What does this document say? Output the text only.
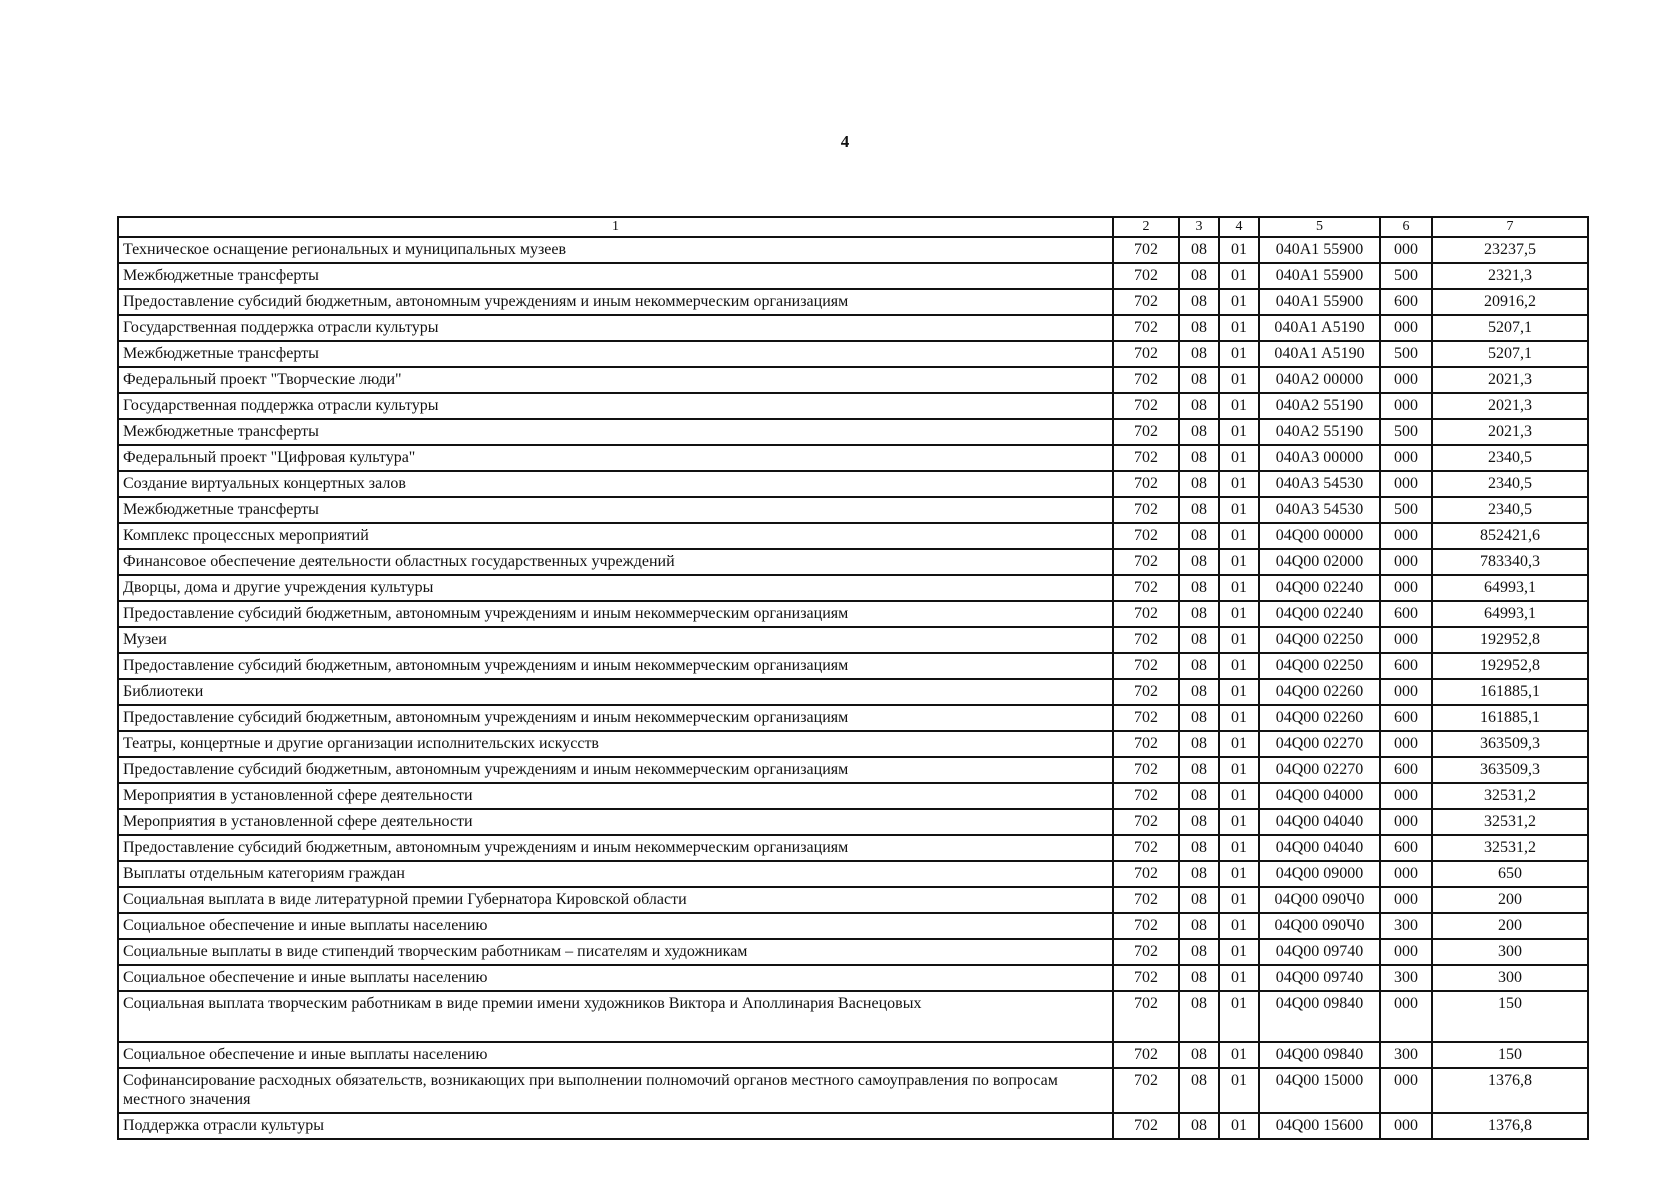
4
1	2	3	4	5	6	7
Техническое оснащение региональных и муниципальных музеев	702	08	01	040A1 55900	000	23237,5
Межбюджетные трансферты	702	08	01	040A1 55900	500	2321,3
Предоставление субсидий бюджетным, автономным учреждениям и иным некоммерческим организациям	702	08	01	040A1 55900	600	20916,2
Государственная поддержка отрасли культуры	702	08	01	040A1 A5190	000	5207,1
Межбюджетные трансферты	702	08	01	040A1 A5190	500	5207,1
Федеральный проект "Творческие люди"	702	08	01	040A2 00000	000	2021,3
Государственная поддержка отрасли культуры	702	08	01	040A2 55190	000	2021,3
Межбюджетные трансферты	702	08	01	040A2 55190	500	2021,3
Федеральный проект "Цифровая культура"	702	08	01	040A3 00000	000	2340,5
Создание виртуальных концертных залов	702	08	01	040A3 54530	000	2340,5
Межбюджетные трансферты	702	08	01	040A3 54530	500	2340,5
Комплекс процессных мероприятий	702	08	01	04Q00 00000	000	852421,6
Финансовое обеспечение деятельности областных государственных учреждений	702	08	01	04Q00 02000	000	783340,3
Дворцы, дома и другие учреждения культуры	702	08	01	04Q00 02240	000	64993,1
Предоставление субсидий бюджетным, автономным учреждениям и иным некоммерческим организациям	702	08	01	04Q00 02240	600	64993,1
Музеи	702	08	01	04Q00 02250	000	192952,8
Предоставление субсидий бюджетным, автономным учреждениям и иным некоммерческим организациям	702	08	01	04Q00 02250	600	192952,8
Библиотеки	702	08	01	04Q00 02260	000	161885,1
Предоставление субсидий бюджетным, автономным учреждениям и иным некоммерческим организациям	702	08	01	04Q00 02260	600	161885,1
Театры, концертные и другие организации исполнительских искусств	702	08	01	04Q00 02270	000	363509,3
Предоставление субсидий бюджетным, автономным учреждениям и иным некоммерческим организациям	702	08	01	04Q00 02270	600	363509,3
Мероприятия в установленной сфере деятельности	702	08	01	04Q00 04000	000	32531,2
Мероприятия в установленной сфере деятельности	702	08	01	04Q00 04040	000	32531,2
Предоставление субсидий бюджетным, автономным учреждениям и иным некоммерческим организациям	702	08	01	04Q00 04040	600	32531,2
Выплаты отдельным категориям граждан	702	08	01	04Q00 09000	000	650
Социальная выплата в виде литературной премии Губернатора Кировской области	702	08	01	04Q00 090Ч0	000	200
Социальное обеспечение и иные выплаты населению	702	08	01	04Q00 090Ч0	300	200
Социальные выплаты в виде стипендий творческим работникам – писателям и художникам	702	08	01	04Q00 09740	000	300
Социальное обеспечение и иные выплаты населению	702	08	01	04Q00 09740	300	300
Социальная выплата творческим работникам в виде премии имени художников Виктора и Аполлинария Васнецовых	702	08	01	04Q00 09840	000	150
Социальное обеспечение и иные выплаты населению	702	08	01	04Q00 09840	300	150
Софинансирование расходных обязательств, возникающих при выполнении полномочий органов местного самоуправления по вопросам местного значения	702	08	01	04Q00 15000	000	1376,8
Поддержка отрасли культуры	702	08	01	04Q00 15600	000	1376,8
